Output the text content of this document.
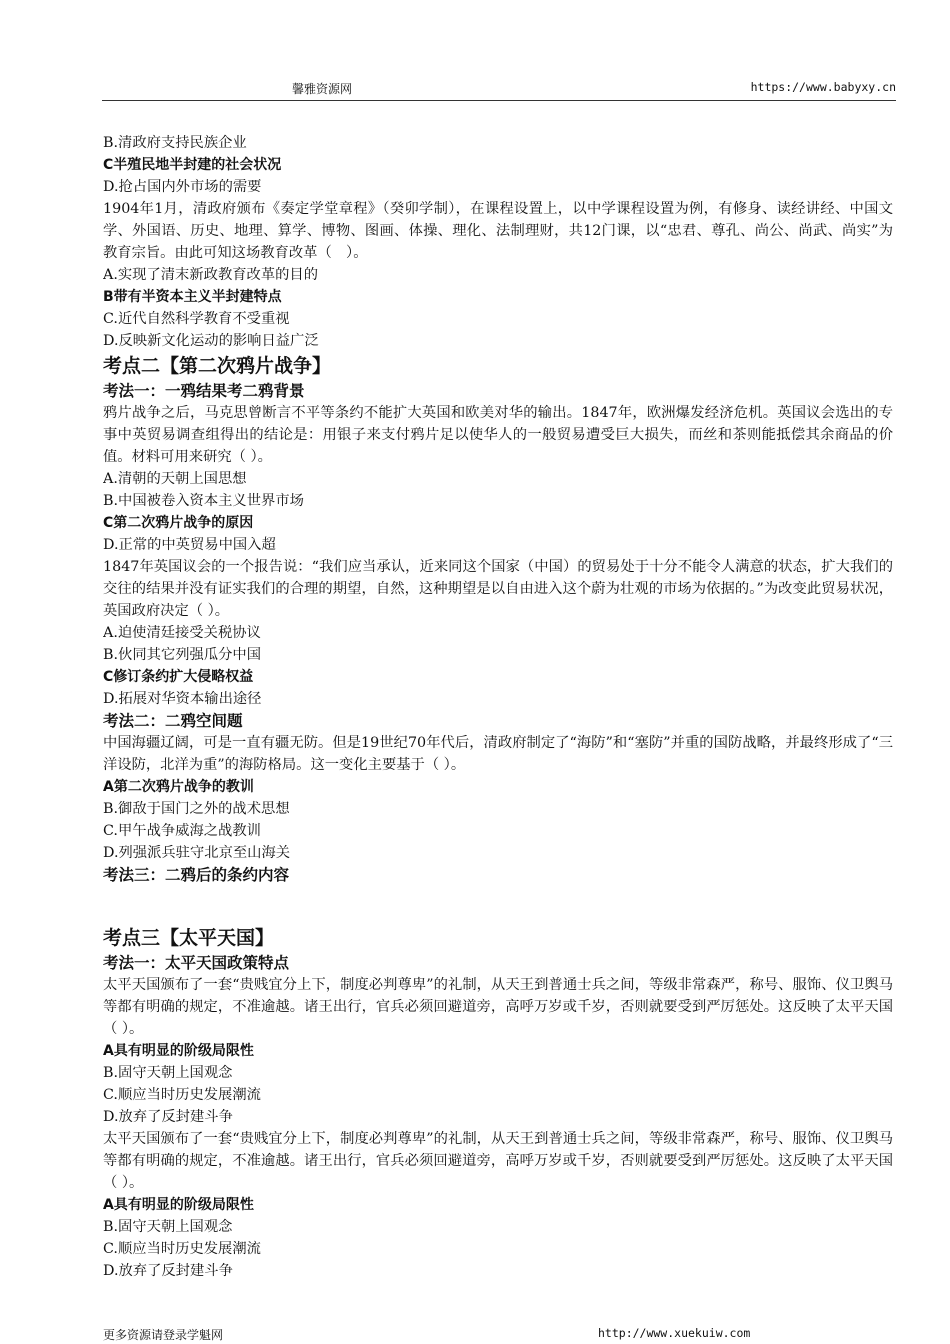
馨雅资源网	https://www.babyxy.cn
B.清政府支持民族企业
C半殖民地半封建的社会状况
D.抢占国内外市场的需要
1904年1月，清政府颁布《奏定学堂章程》（癸卯学制），在课程设置上，以中学课程设置为例，有修身、读经讲经、中国文学、外国语、历史、地理、算学、博物、图画、体操、理化、法制理财，共12门课，以“忠君、尊孔、尚公、尚武、尚实”为教育宗旨。由此可知这场教育改革（　）。
A.实现了清末新政教育改革的目的
B带有半资本主义半封建特点
C.近代自然科学教育不受重视
D.反映新文化运动的影响日益广泛
考点二【第二次鸦片战争】
考法一：一鸦结果考二鸦背景
鸦片战争之后，马克思曾断言不平等条约不能扩大英国和欧美对华的输出。1847年，欧洲爆发经济危机。英国议会选出的专事中英贸易调查组得出的结论是：用银子来支付鸦片足以使华人的一般贸易遭受巨大损失，而丝和茶则能抵偿其余商品的价值。材料可用来研究（ ）。
A.清朝的天朝上国思想
B.中国被卷入资本主义世界市场
C第二次鸦片战争的原因
D.正常的中英贸易中国入超
1847年英国议会的一个报告说：“我们应当承认，近来同这个国家（中国）的贸易处于十分不能令人满意的状态，扩大我们的交往的结果并没有证实我们的合理的期望，自然，这种期望是以自由进入这个蔚为壮观的市场为依据的。”为改变此贸易状况，英国政府决定（ ）。
A.迫使清廷接受关税协议
B.伙同其它列强瓜分中国
C修订条约扩大侵略权益
D.拓展对华资本输出途径
考法二：二鸦空间题
中国海疆辽阔，可是一直有疆无防。但是19世纪70年代后，清政府制定了“海防”和“塞防”并重的国防战略，并最终形成了“三洋设防，北洋为重”的海防格局。这一变化主要基于（ ）。
A第二次鸦片战争的教训
B.御敌于国门之外的战术思想
C.甲午战争威海之战教训
D.列强派兵驻守北京至山海关
考法三：二鸦后的条约内容
考点三【太平天国】
考法一：太平天国政策特点
太平天国颁布了一套“贵贱宜分上下，制度必判尊卑”的礼制，从天王到普通士兵之间，等级非常森严，称号、服饰、仪卫舆马等都有明确的规定，不准逾越。诸王出行，官兵必须回避道旁，高呼万岁或千岁，否则就要受到严厉惩处。这反映了太平天国（ ）。
A具有明显的阶级局限性
B.固守天朝上国观念
C.顺应当时历史发展潮流
D.放弃了反封建斗争
太平天国颁布了一套“贵贱宜分上下，制度必判尊卑”的礼制，从天王到普通士兵之间，等级非常森严，称号、服饰、仪卫舆马等都有明确的规定，不准逾越。诸王出行，官兵必须回避道旁，高呼万岁或千岁，否则就要受到严厉惩处。这反映了太平天国（ ）。
A具有明显的阶级局限性
B.固守天朝上国观念
C.顺应当时历史发展潮流
D.放弃了反封建斗争
更多资源请登录学魁网	http://www.xuekuiw.com
